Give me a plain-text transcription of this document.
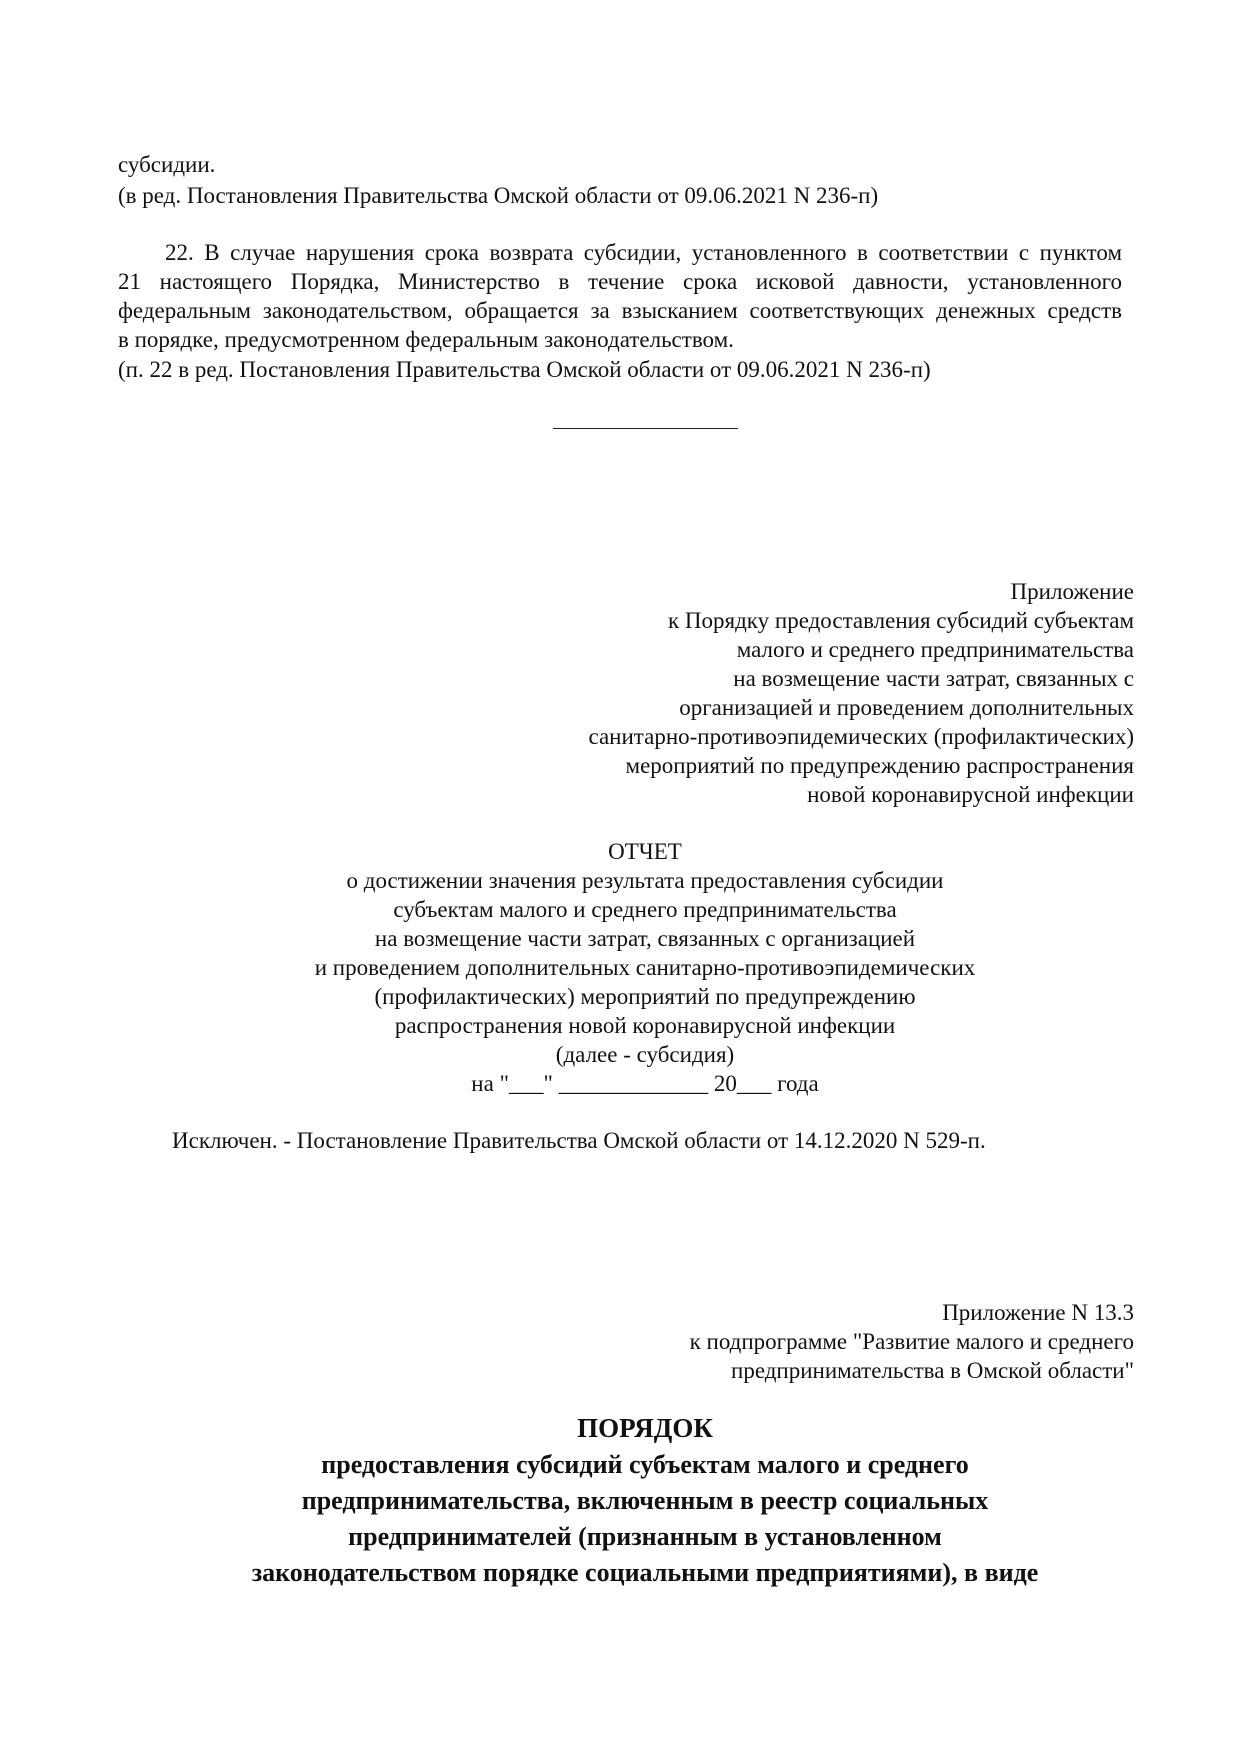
субсидии.
(в ред. Постановления Правительства Омской области от 09.06.2021 N 236-п)
22. В случае нарушения срока возврата субсидии, установленного в соответствии с пунктом
21 настоящего Порядка, Министерство в течение срока исковой давности, установленного
федеральным законодательством, обращается за взысканием соответствующих денежных средств
в порядке, предусмотренном федеральным законодательством.
(п. 22 в ред. Постановления Правительства Омской области от 09.06.2021 N 236-п)
Приложение
к Порядку предоставления субсидий субъектам
малого и среднего предпринимательства
на возмещение части затрат, связанных с
организацией и проведением дополнительных
санитарно-противоэпидемических (профилактических)
мероприятий по предупреждению распространения
новой коронавирусной инфекции
ОТЧЕТ
о достижении значения результата предоставления субсидии
субъектам малого и среднего предпринимательства
на возмещение части затрат, связанных с организацией
и проведением дополнительных санитарно-противоэпидемических
(профилактических) мероприятий по предупреждению
распространения новой коронавирусной инфекции
(далее - субсидия)
на "___" _____________ 20___ года
Исключен. - Постановление Правительства Омской области от 14.12.2020 N 529-п.
Приложение N 13.3
к подпрограмме "Развитие малого и среднего
предпринимательства в Омской области"
ПОРЯДОК
предоставления субсидий субъектам малого и среднего
предпринимательства, включенным в реестр социальных
предпринимателей (признанным в установленном
законодательством порядке социальными предприятиями), в виде
